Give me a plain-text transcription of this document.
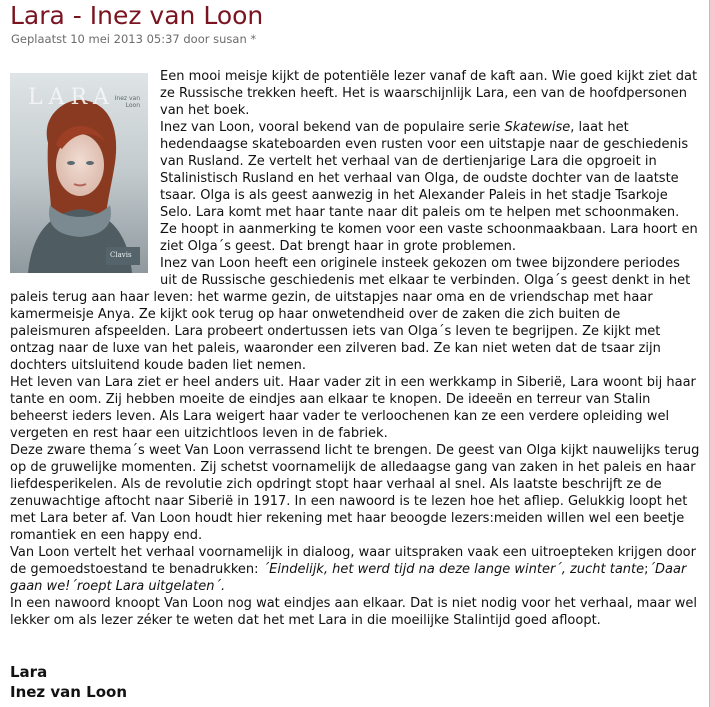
Lara - Inez van Loon
Geplaatst 10 mei 2013 05:37 door susan *
LARA Inez van Loon
Clavis

Een mooi meisje kijkt de potentiële lezer vanaf de kaft aan. Wie goed kijkt ziet dat ze Russische trekken heeft. Het is waarschijnlijk Lara, een van de hoofdpersonen van het boek.

Inez van Loon, vooral bekend van de populaire serie Skatewise, laat het hedendaagse skateboarden even rusten voor een uitstapje naar de geschiedenis van Rusland. Ze vertelt het verhaal van de dertienjarige Lara die opgroeit in Stalinistisch Rusland en het verhaal van Olga, de oudste dochter van de laatste tsaar. Olga is als geest aanwezig in het Alexander Paleis in het stadje Tsarkoje Selo. Lara komt met haar tante naar dit paleis om te helpen met schoonmaken. Ze hoopt in aanmerking te komen voor een vaste schoonmaakbaan. Lara hoort en ziet Olga´s geest. Dat brengt haar in grote problemen.

Inez van Loon heeft een originele insteek gekozen om twee bijzondere periodes uit de Russische geschiedenis met elkaar te verbinden. Olga´s geest denkt in het paleis terug aan haar leven: het warme gezin, de uitstapjes naar oma en de vriendschap met haar kamermeisje Anya. Ze kijkt ook terug op haar onwetendheid over de zaken die zich buiten de paleismuren afspeelden. Lara probeert ondertussen iets van Olga´s leven te begrijpen. Ze kijkt met ontzag naar de luxe van het paleis, waaronder een zilveren bad. Ze kan niet weten dat de tsaar zijn dochters uitsluitend koude baden liet nemen.

Het leven van Lara ziet er heel anders uit. Haar vader zit in een werkkamp in Siberië, Lara woont bij haar tante en oom. Zij hebben moeite de eindjes aan elkaar te knopen. De ideeën en terreur van Stalin beheerst ieders leven. Als Lara weigert haar vader te verloochenen kan ze een verdere opleiding wel vergeten en rest haar een uitzichtloos leven in de fabriek.

Deze zware thema´s weet Van Loon verrassend licht te brengen. De geest van Olga kijkt nauwelijks terug op de gruwelijke momenten. Zij schetst voornamelijk de alledaagse gang van zaken in het paleis en haar liefdesperikelen. Als de revolutie zich opdringt stopt haar verhaal al snel. Als laatste beschrijft ze de zenuwachtige aftocht naar Siberië in 1917. In een nawoord is te lezen hoe het afliep. Gelukkig loopt het met Lara beter af. Van Loon houdt hier rekening met haar beoogde lezers:meiden willen wel een beetje romantiek en een happy end.

Van Loon vertelt het verhaal voornamelijk in dialoog, waar uitspraken vaak een uitroepteken krijgen door de gemoedstoestand te benadrukken: ´Eindelijk, het werd tijd na deze lange winter´, zucht tante;´Daar gaan we!´roept Lara uitgelaten´.

In een nawoord knoopt Van Loon nog wat eindjes aan elkaar. Dat is niet nodig voor het verhaal, maar wel lekker om als lezer zéker te weten dat het met Lara in die moeilijke Stalintijd goed afloopt.

Lara
Inez van Loon
